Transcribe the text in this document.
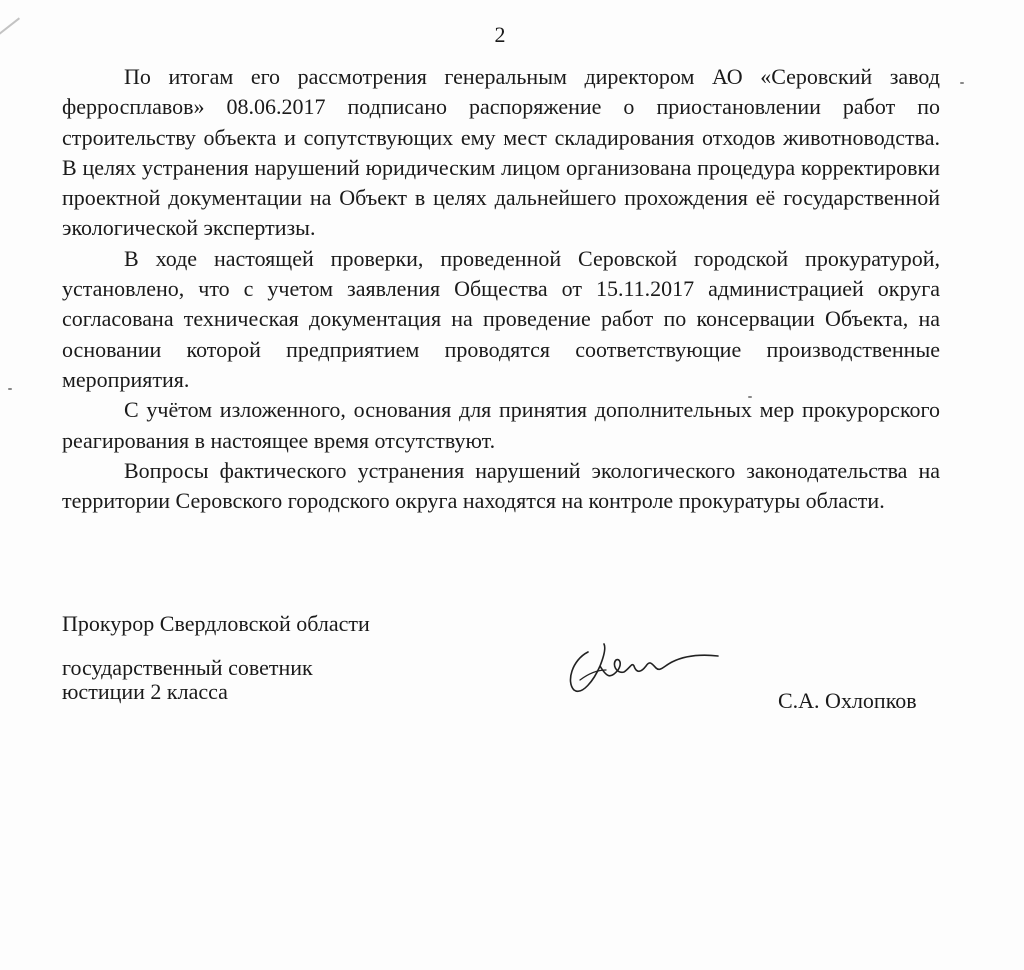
2

По итогам его рассмотрения генеральным директором АО «Серовский завод ферросплавов» 08.06.2017 подписано распоряжение о приостановлении работ по строительству объекта и сопутствующих ему мест складирования отходов животноводства. В целях устранения нарушений юридическим лицом организована процедура корректировки проектной документации на Объект в целях дальнейшего прохождения её государственной экологической экспертизы.

В ходе настоящей проверки, проведенной Серовской городской прокуратурой, установлено, что с учетом заявления Общества от 15.11.2017 администрацией округа согласована техническая документация на проведение работ по консервации Объекта, на основании которой предприятием проводятся соответствующие производственные мероприятия.

С учётом изложенного, основания для принятия дополнительных мер прокурорского реагирования в настоящее время отсутствуют.

Вопросы фактического устранения нарушений экологического законодательства на территории Серовского городского округа находятся на контроле прокуратуры области.

Прокурор Свердловской области

государственный советник

юстиции 2 класса	С.А. Охлопков
